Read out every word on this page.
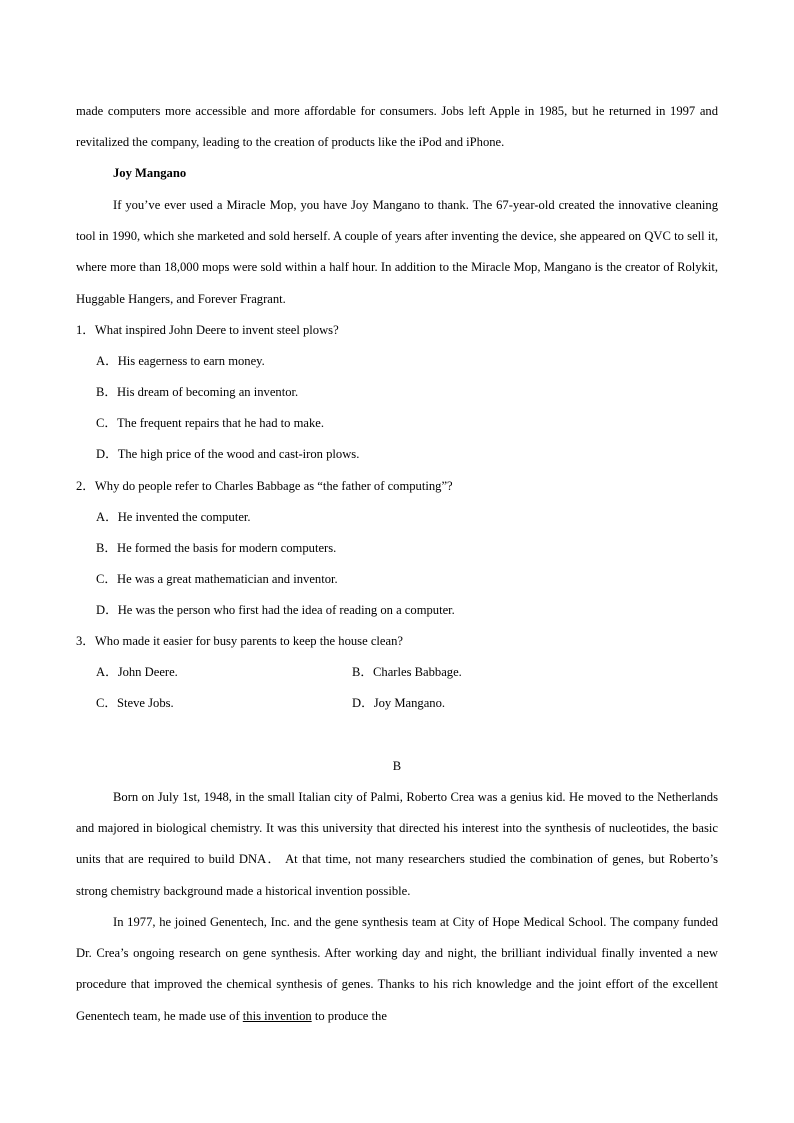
made computers more accessible and more affordable for consumers. Jobs left Apple in 1985, but he returned in 1997 and revitalized the company, leading to the creation of products like the iPod and iPhone.

Joy Mangano

If you’ve ever used a Miracle Mop, you have Joy Mangano to thank. The 67-year-old created the innovative cleaning tool in 1990, which she marketed and sold herself. A couple of years after inventing the device, she appeared on QVC to sell it, where more than 18,000 mops were sold within a half hour. In addition to the Miracle Mop, Mangano is the creator of Rolykit, Huggable Hangers, and Forever Fragrant.

1．What inspired John Deere to invent steel plows?

A．His eagerness to earn money.

B．His dream of becoming an inventor.

C．The frequent repairs that he had to make.

D．The high price of the wood and cast-iron plows.

2．Why do people refer to Charles Babbage as “the father of computing”?

A．He invented the computer.

B．He formed the basis for modern computers.

C．He was a great mathematician and inventor.

D．He was the person who first had the idea of reading on a computer.

3．Who made it easier for busy parents to keep the house clean?

A．John Deere.	B．Charles Babbage.

C．Steve Jobs.	D．Joy Mangano.

B

Born on July 1st, 1948, in the small Italian city of Palmi, Roberto Crea was a genius kid. He moved to the Netherlands and majored in biological chemistry. It was this university that directed his interest into the synthesis of nucleotides, the basic units that are required to build DNA． At that time, not many researchers studied the combination of genes, but Roberto’s strong chemistry background made a historical invention possible.

In 1977, he joined Genentech, Inc. and the gene synthesis team at City of Hope Medical School. The company funded Dr. Crea’s ongoing research on gene synthesis. After working day and night, the brilliant individual finally invented a new procedure that improved the chemical synthesis of genes. Thanks to his rich knowledge and the joint effort of the excellent Genentech team, he made use of this invention to produce the
